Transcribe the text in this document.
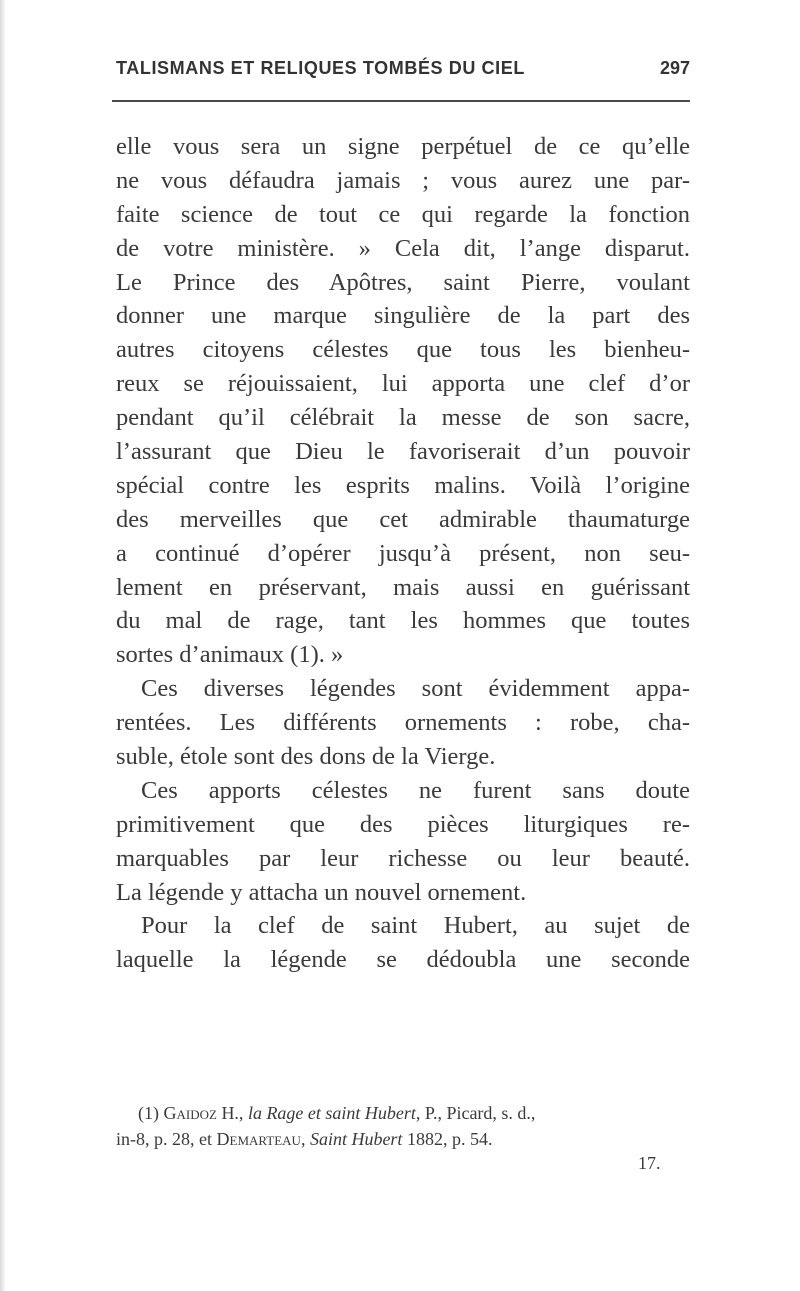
TALISMANS ET RELIQUES TOMBÉS DU CIEL	297
elle vous sera un signe perpétuel de ce qu’elle
ne vous défaudra jamais ; vous aurez une par-
faite science de tout ce qui regarde la fonction
de votre ministère. » Cela dit, l’ange disparut.
Le Prince des Apôtres, saint Pierre, voulant
donner une marque singulière de la part des
autres citoyens célestes que tous les bienheu-
reux se réjouissaient, lui apporta une clef d’or
pendant qu’il célébrait la messe de son sacre,
l’assurant que Dieu le favoriserait d’un pouvoir
spécial contre les esprits malins. Voilà l’origine
des merveilles que cet admirable thaumaturge
a continué d’opérer jusqu’à présent, non seu-
lement en préservant, mais aussi en guérissant
du mal de rage, tant les hommes que toutes
sortes d’animaux (1). »
Ces diverses légendes sont évidemment appa-
rentées. Les différents ornements : robe, cha-
suble, étole sont des dons de la Vierge.
Ces apports célestes ne furent sans doute
primitivement que des pièces liturgiques re-
marquables par leur richesse ou leur beauté.
La légende y attacha un nouvel ornement.
Pour la clef de saint Hubert, au sujet de
laquelle la légende se dédoubla une seconde
(1) Gaidoz H., la Rage et saint Hubert, P., Picard, s. d.,
in-8, p. 28, et Demarteau, Saint Hubert 1882, p. 54.
17.
